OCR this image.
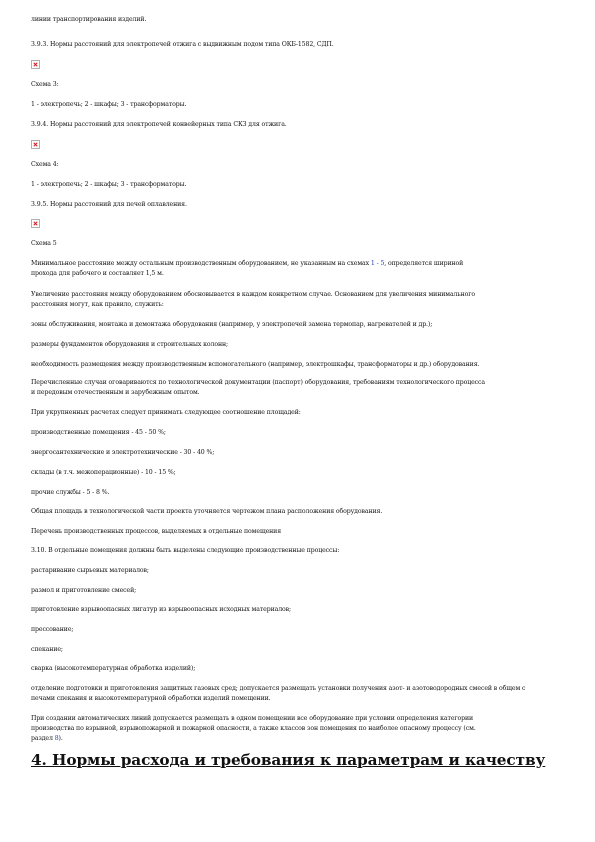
линии транспортирования изделий.
3.9.3. Нормы расстояний для электропечей отжига с выдвижным подом типа ОКБ-1582, СДП.
Схема 3:
1 - электропечь; 2 - шкафы; 3 - трансформаторы.
3.9.4. Нормы расстояний для электропечей конвейерных типа СКЗ для отжига.
Схема 4:
1 - электропечь; 2 - шкафы; 3 - трансформаторы.
3.9.5. Нормы расстояний для печей оплавления.
Схема 5
Минимальное расстояние между остальным производственным оборудованием, не указанным на схемах 1 - 5, определяется шириной
прохода для рабочего и составляет 1,5 м.
Увеличение расстояния между оборудованием обосновывается в каждом конкретном случае. Основанием для увеличения минимального
расстояния могут, как правило, служить:
зоны обслуживания, монтажа и демонтажа оборудования (например, у электропечей замена термопар, нагревателей и др.);
размеры фундаментов оборудования и строительных колонн;
необходимость размещения между производственным вспомогательного (например, электрошкафы, трансформаторы и др.) оборудования.
Перечисленные случаи оговариваются по технологической документации (паспорт) оборудования, требованиям технологического процесса
и передовым отечественным и зарубежным опытом.
При укрупненных расчетах следует принимать следующее соотношение площадей:
производственные помещения - 45 - 50 %;
энергосантехнические и электротехнические - 30 - 40 %;
склады (в т.ч. межоперационные) - 10 - 15 %;
прочие службы - 5 - 8 %.
Общая площадь в технологической части проекта уточняется чертежом плана расположения оборудования.
Перечень производственных процессов, выделяемых в отдельные помещения
3.10. В отдельные помещения должны быть выделены следующие производственные процессы:
растаривание сырьевых материалов;
размол и приготовление смесей;
приготовление взрывоопасных лигатур из взрывоопасных исходных материалов;
прессование;
спекание;
сварка (высокотемпературная обработка изделий);
отделение подготовки и приготовления защитных газовых сред; допускается размещать установки получения азот- и азотоводородных смесей в общем с
печами спекания и высокотемпературной обработки изделий помещении.
При создании автоматических линий допускается размещать в одном помещении все оборудование при условии определения категории
производства по взрывной, взрывопожарной и пожарной опасности, а также классов зон помещения по наиболее опасному процессу (см.
раздел 8).
4. Нормы расхода и требования к параметрам и качеству
